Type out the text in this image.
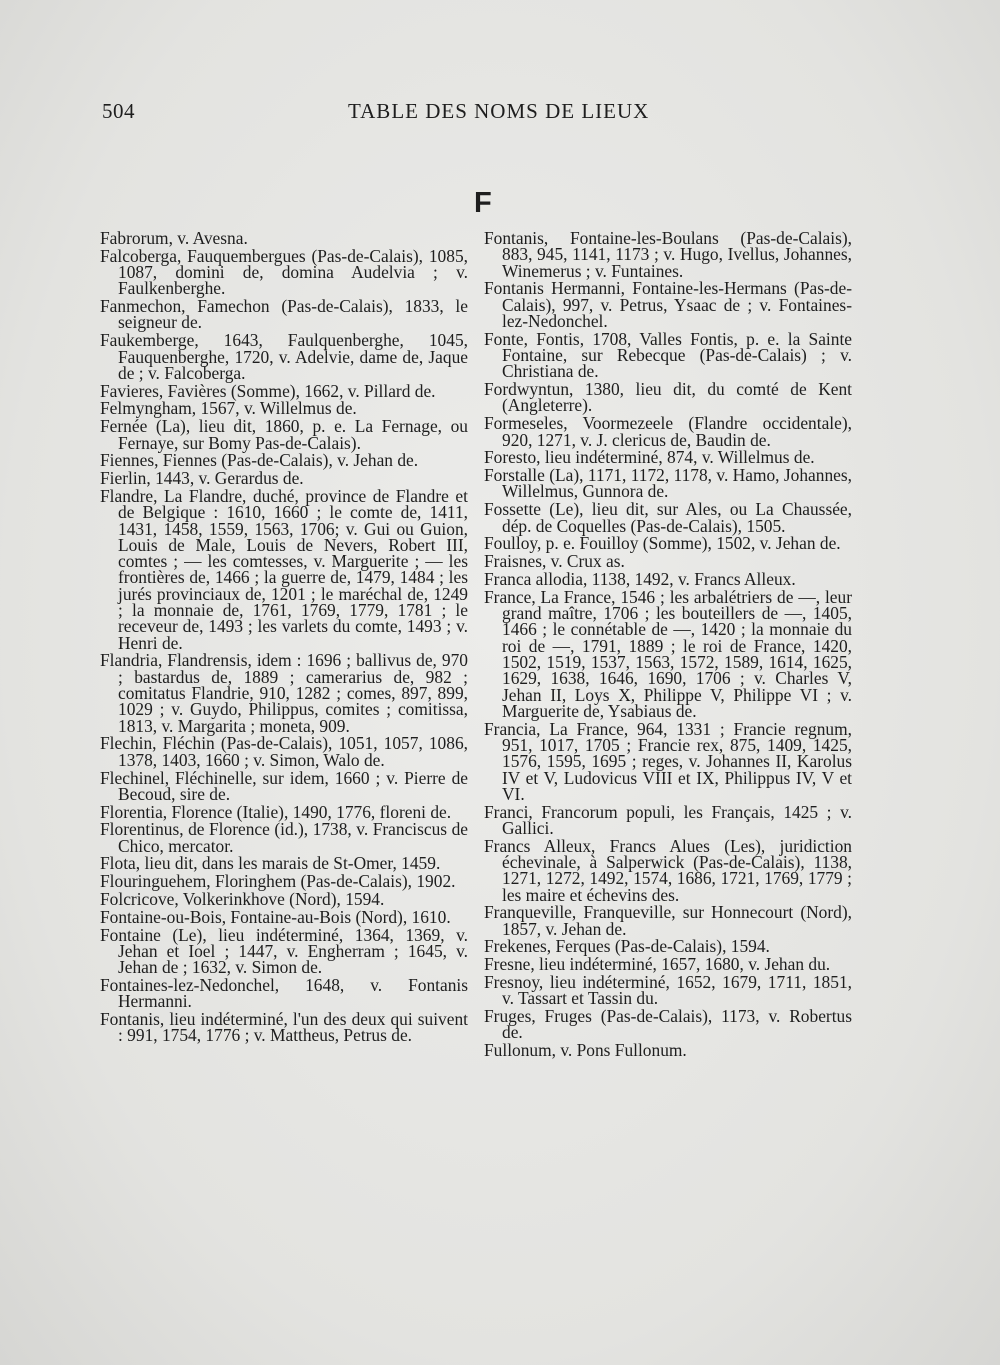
504	TABLE DES NOMS DE LIEUX
F

Fabrorum, v. Avesna.

Falcoberga, Fauquembergues (Pas-de-Calais), 1085, 1087, domini de, domina Audelvia ; v. Faulkenberghe.

Fanmechon, Famechon (Pas-de-Calais), 1833, le seigneur de.

Faukemberge, 1643, Faulquenberghe, 1045, Fauquenberghe, 1720, v. Adelvie, dame de, Jaque de ; v. Falcoberga.

Favieres, Favières (Somme), 1662, v. Pillard de.

Felmyngham, 1567, v. Willelmus de.

Fernée (La), lieu dit, 1860, p. e. La Fernage, ou Fernaye, sur Bomy Pas-de-Calais).

Fiennes, Fiennes (Pas-de-Calais), v. Jehan de.

Fierlin, 1443, v. Gerardus de.

Flandre, La Flandre, duché, province de Flandre et de Belgique : 1610, 1660 ; le comte de, 1411, 1431, 1458, 1559, 1563, 1706; v. Gui ou Guion, Louis de Male, Louis de Nevers, Robert III, comtes ; — les comtesses, v. Marguerite ; — les frontières de, 1466 ; la guerre de, 1479, 1484 ; les jurés provinciaux de, 1201 ; le maréchal de, 1249 ; la monnaie de, 1761, 1769, 1779, 1781 ; le receveur de, 1493 ; les varlets du comte, 1493 ; v. Henri de.

Flandria, Flandrensis, idem : 1696 ; ballivus de, 970 ; bastardus de, 1889 ; camerarius de, 982 ; comitatus Flandrie, 910, 1282 ; comes, 897, 899, 1029 ; v. Guydo, Philippus, comites ; comitissa, 1813, v. Margarita ; moneta, 909.

Flechin, Fléchin (Pas-de-Calais), 1051, 1057, 1086, 1378, 1403, 1660 ; v. Simon, Walo de.

Flechinel, Fléchinelle, sur idem, 1660 ; v. Pierre de Becoud, sire de.

Florentia, Florence (Italie), 1490, 1776, floreni de.

Florentinus, de Florence (id.), 1738, v. Franciscus de Chico, mercator.

Flota, lieu dit, dans les marais de St-Omer, 1459.

Flouringuehem, Floringhem (Pas-de-Calais), 1902.

Folcricove, Volkerinkhove (Nord), 1594.

Fontaine-ou-Bois, Fontaine-au-Bois (Nord), 1610.

Fontaine (Le), lieu indéterminé, 1364, 1369, v. Jehan et Ioel ; 1447, v. Engherram ; 1645, v. Jehan de ; 1632, v. Simon de.

Fontaines-lez-Nedonchel, 1648, v. Fontanis Hermanni.

Fontanis, lieu indéterminé, l'un des deux qui suivent : 991, 1754, 1776 ; v. Mattheus, Petrus de.

Fontanis, Fontaine-les-Boulans (Pas-de-Calais), 883, 945, 1141, 1173 ; v. Hugo, Ivellus, Johannes, Winemerus ; v. Funtaines.

Fontanis Hermanni, Fontaine-les-Hermans (Pas-de-Calais), 997, v. Petrus, Ysaac de ; v. Fontaines-lez-Nedonchel.

Fonte, Fontis, 1708, Valles Fontis, p. e. la Sainte Fontaine, sur Rebecque (Pas-de-Calais) ; v. Christiana de.

Fordwyntun, 1380, lieu dit, du comté de Kent (Angleterre).

Formeseles, Voormezeele (Flandre occidentale), 920, 1271, v. J. clericus de, Baudin de.

Foresto, lieu indéterminé, 874, v. Willelmus de.

Forstalle (La), 1171, 1172, 1178, v. Hamo, Johannes, Willelmus, Gunnora de.

Fossette (Le), lieu dit, sur Ales, ou La Chaussée, dép. de Coquelles (Pas-de-Calais), 1505.

Foulloy, p. e. Fouilloy (Somme), 1502, v. Jehan de.

Fraisnes, v. Crux as.

Franca allodia, 1138, 1492, v. Francs Alleux.

France, La France, 1546 ; les arbalétriers de —, leur grand maître, 1706 ; les bouteillers de —, 1405, 1466 ; le connétable de —, 1420 ; la monnaie du roi de —, 1791, 1889 ; le roi de France, 1420, 1502, 1519, 1537, 1563, 1572, 1589, 1614, 1625, 1629, 1638, 1646, 1690, 1706 ; v. Charles V, Jehan II, Loys X, Philippe V, Philippe VI ; v. Marguerite de, Ysabiaus de.

Francia, La France, 964, 1331 ; Francie regnum, 951, 1017, 1705 ; Francie rex, 875, 1409, 1425, 1576, 1595, 1695 ; reges, v. Johannes II, Karolus IV et V, Ludovicus VIII et IX, Philippus IV, V et VI.

Franci, Francorum populi, les Français, 1425 ; v. Gallici.

Francs Alleux, Francs Alues (Les), juridiction échevinale, à Salperwick (Pas-de-Calais), 1138, 1271, 1272, 1492, 1574, 1686, 1721, 1769, 1779 ; les maire et échevins des.

Franqueville, Franqueville, sur Honnecourt (Nord), 1857, v. Jehan de.

Frekenes, Ferques (Pas-de-Calais), 1594.

Fresne, lieu indéterminé, 1657, 1680, v. Jehan du.

Fresnoy, lieu indéterminé, 1652, 1679, 1711, 1851, v. Tassart et Tassin du.

Fruges, Fruges (Pas-de-Calais), 1173, v. Robertus de.

Fullonum, v. Pons Fullonum.
